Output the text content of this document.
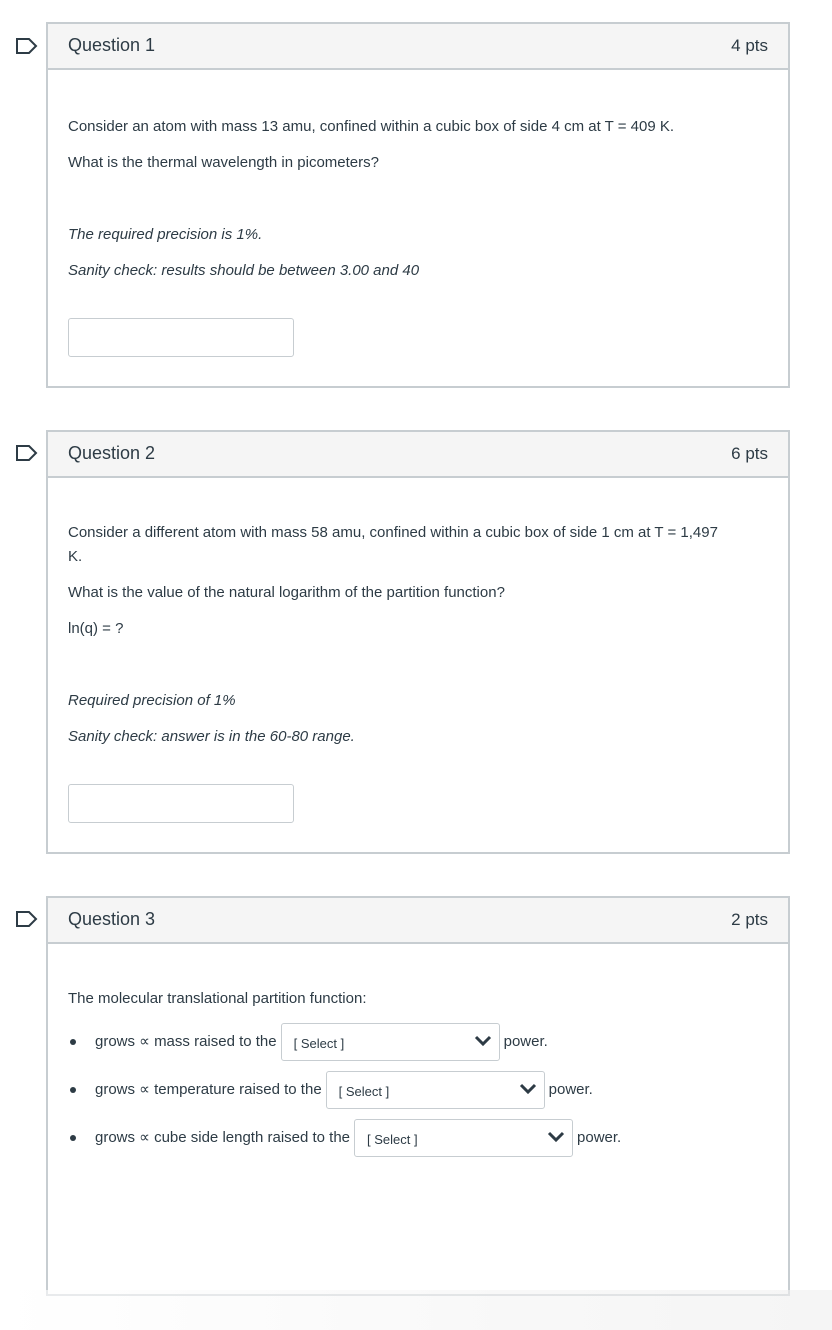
Question 1	4 pts

Consider an atom with mass 13 amu, confined within a cubic box of side 4 cm at T = 409 K.

What is the thermal wavelength in picometers?

The required precision is 1%.

Sanity check: results should be between 3.00 and 40

Question 2	6 pts

Consider a different atom with mass 58 amu, confined within a cubic box of side 1 cm at T = 1,497

K.

What is the value of the natural logarithm of the partition function?

ln(q) = ?

Required precision of 1%

Sanity check: answer is in the 60-80 range.

Question 3	2 pts

The molecular translational partition function:

grows ∝ mass raised to the [ Select ]	power.
grows ∝ temperature raised to the [ Select ]	power.
grows ∝ cube side length raised to the [ Select ]	power.
